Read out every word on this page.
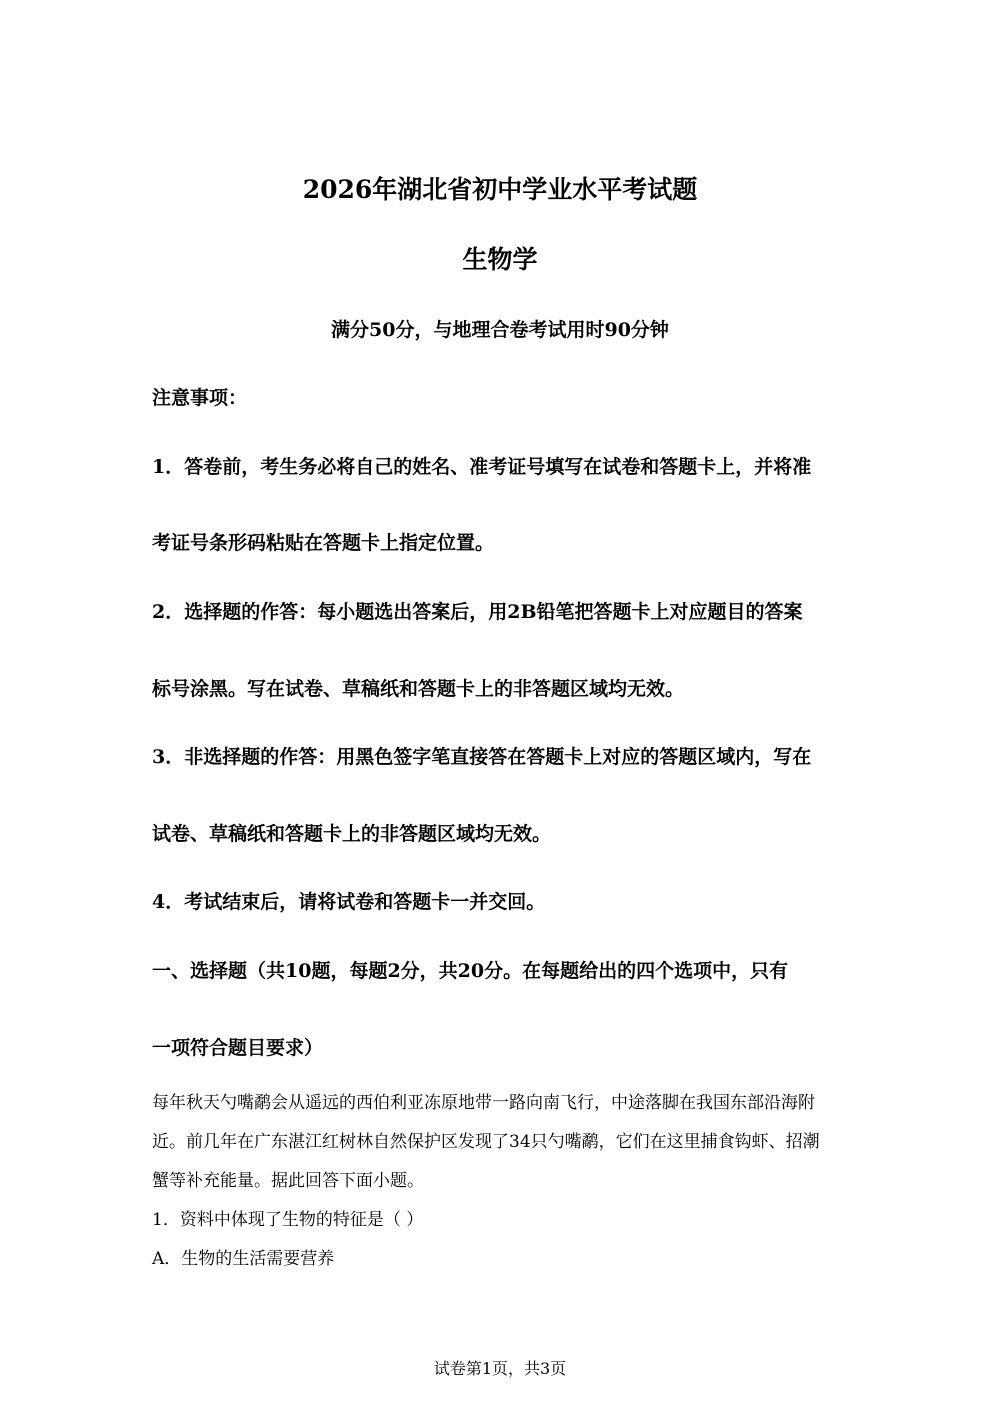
2026年湖北省初中学业水平考试题
生物学
满分50分，与地理合卷考试用时90分钟
注意事项：
1．答卷前，考生务必将自己的姓名、准考证号填写在试卷和答题卡上，并将准
考证号条形码粘贴在答题卡上指定位置。
2．选择题的作答：每小题选出答案后，用2B铅笔把答题卡上对应题目的答案
标号涂黑。写在试卷、草稿纸和答题卡上的非答题区域均无效。
3．非选择题的作答：用黑色签字笔直接答在答题卡上对应的答题区域内，写在
试卷、草稿纸和答题卡上的非答题区域均无效。
4．考试结束后，请将试卷和答题卡一并交回。
一、选择题（共10题，每题2分，共20分。在每题给出的四个选项中，只有
一项符合题目要求）
每年秋天勺嘴鹬会从遥远的西伯利亚冻原地带一路向南飞行，中途落脚在我国东部沿海附
近。前几年在广东湛江红树林自然保护区发现了34只勺嘴鹬，它们在这里捕食钩虾、招潮
蟹等补充能量。据此回答下面小题。
1．资料中体现了生物的特征是（ ）
A．生物的生活需要营养
试卷第1页，共3页
